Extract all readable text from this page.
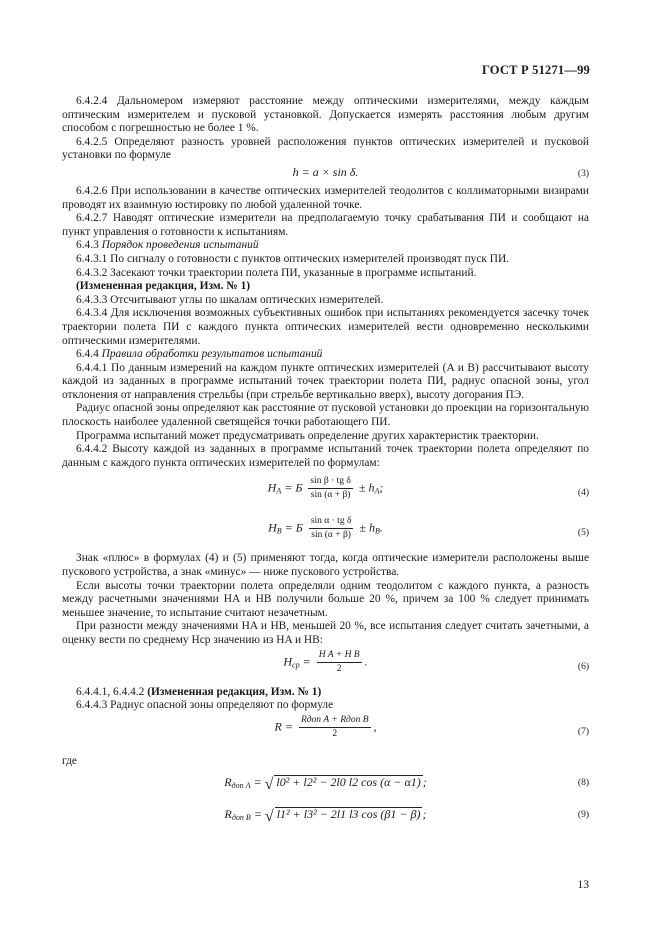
ГОСТ Р 51271—99

6.4.2.4 Дальномером измеряют расстояние между оптическими измерителями, между каждым оптическим измерителем и пусковой установкой. Допускается измерять расстояния любым другим способом с погрешностью не более 1 %.

6.4.2.5 Определяют разность уровней расположения пунктов оптических измерителей и пусковой установки по формуле

h = a × sin δ.	(3)

6.4.2.6 При использовании в качестве оптических измерителей теодолитов с коллиматорными визирами проводят их взаимную юстировку по любой удаленной точке.

6.4.2.7 Наводят оптические измерители на предполагаемую точку срабатывания ПИ и сообщают на пункт управления о готовности к испытаниям.

6.4.3 Порядок проведения испытаний

6.4.3.1 По сигналу о готовности с пунктов оптических измерителей производят пуск ПИ.

6.4.3.2 Засекают точки траектории полета ПИ, указанные в программе испытаний.

(Измененная редакция, Изм. № 1)

6.4.3.3 Отсчитывают углы по шкалам оптических измерителей.

6.4.3.4 Для исключения возможных субъективных ошибок при испытаниях рекомендуется засечку точек траектории полета ПИ с каждого пункта оптических измерителей вести одновременно несколькими оптическими измерителями.

6.4.4 Правила обработки результатов испытаний

6.4.4.1 По данным измерений на каждом пункте оптических измерителей (A и B) рассчитывают высоту каждой из заданных в программе испытаний точек траектории полета ПИ, радиус опасной зоны, угол отклонения от направления стрельбы (при стрельбе вертикально вверх), высоту догорания ПЭ.

Радиус опасной зоны определяют как расстояние от пусковой установки до проекции на горизонтальную плоскость наиболее удаленной светящейся точки работающего ПИ.

Программа испытаний может предусматривать определение других характеристик траектории.

6.4.4.2 Высоту каждой из заданных в программе испытаний точек траектории полета определяют по данным с каждого пункта оптических измерителей по формулам:

$H_A = Б \frac{\text{sin β · tg δ}}{\sin (\alpha + \beta)} \pm h_A$;	(4)
$H_B = Б \frac{\text{sin α · tg δ}}{\sin (\alpha + \beta)} \pm h_B$.	(5)

Знак «плюс» в формулах (4) и (5) применяют тогда, когда оптические измерители расположены выше пускового устройства, а знак «минус» — ниже пускового устройства.

Если высоты точки траектории полета определяли одним теодолитом с каждого пункта, а разность между расчетными значениями HA и HB получили больше 20 %, причем за 100 % следует принимать меньшее значение, то испытание считают незачетным.

При разности между значениями HA и HB, меньшей 20 %, все испытания следует считать зачетными, а оценку вести по среднему Hср значению из HA и HB:

$H_{ср} = \frac{\text{H A + H B}}{2}$ .	(6)

6.4.4.1, 6.4.4.2 (Измененная редакция, Изм. № 1)

6.4.4.3 Радиус опасной зоны определяют по формуле

$R = \frac{\text{Rдоп A + Rдоп B}}{2}$ ,	(7)

где

$R_{доп A}$ = √ l0² + l2² − 2l0 l2 cos (α − α1) ;	(8)
$R_{доп B}$ = √ l1² + l3² − 2l1 l3 cos (β1 − β) ;	(9)
13
